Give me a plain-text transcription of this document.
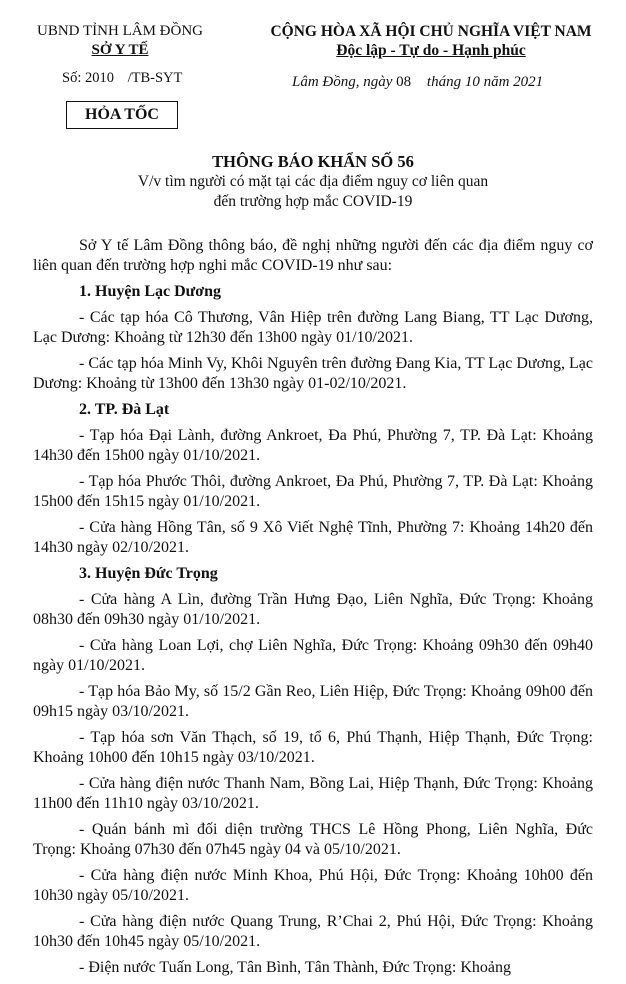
UBND TỈNH LÂM ĐỒNG
SỞ Y TẾ
CỘNG HÒA XÃ HỘI CHỦ NGHĨA VIỆT NAM
Độc lập - Tự do - Hạnh phúc
Số: 2010 /TB-SYT	Lâm Đồng, ngày 08 tháng 10 năm 2021
HỎA TỐC
THÔNG BÁO KHẨN SỐ 56
V/v tìm người có mặt tại các địa điểm nguy cơ liên quan
đến trường hợp mắc COVID-19

Sở Y tế Lâm Đồng thông báo, đề nghị những người đến các địa điểm nguy cơ liên quan đến trường hợp nghi mắc COVID-19 như sau:

1. Huyện Lạc Dương

- Các tạp hóa Cô Thương, Vân Hiệp trên đường Lang Biang, TT Lạc Dương, Lạc Dương: Khoảng từ 12h30 đến 13h00 ngày 01/10/2021.

- Các tạp hóa Minh Vy, Khôi Nguyên trên đường Đang Kia, TT Lạc Dương, Lạc Dương: Khoảng từ 13h00 đến 13h30 ngày 01-02/10/2021.

2. TP. Đà Lạt

- Tạp hóa Đại Lành, đường Ankroet, Đa Phú, Phường 7, TP. Đà Lạt: Khoảng 14h30 đến 15h00 ngày 01/10/2021.

- Tạp hóa Phước Thôi, đường Ankroet, Đa Phú, Phường 7, TP. Đà Lạt: Khoảng 15h00 đến 15h15 ngày 01/10/2021.

- Cửa hàng Hồng Tân, số 9 Xô Viết Nghệ Tĩnh, Phường 7: Khoảng 14h20 đến 14h30 ngày 02/10/2021.

3. Huyện Đức Trọng

- Cửa hàng A Lìn, đường Trần Hưng Đạo, Liên Nghĩa, Đức Trọng: Khoảng 08h30 đến 09h30 ngày 01/10/2021.

- Cửa hàng Loan Lợi, chợ Liên Nghĩa, Đức Trọng: Khoảng 09h30 đến 09h40 ngày 01/10/2021.

- Tạp hóa Bảo My, số 15/2 Gần Reo, Liên Hiệp, Đức Trọng: Khoảng 09h00 đến 09h15 ngày 03/10/2021.

- Tạp hóa sơn Văn Thạch, số 19, tổ 6, Phú Thạnh, Hiệp Thạnh, Đức Trọng: Khoảng 10h00 đến 10h15 ngày 03/10/2021.

- Cửa hàng điện nước Thanh Nam, Bồng Lai, Hiệp Thạnh, Đức Trọng: Khoảng 11h00 đến 11h10 ngày 03/10/2021.

- Quán bánh mì đối diện trường THCS Lê Hồng Phong, Liên Nghĩa, Đức Trọng: Khoảng 07h30 đến 07h45 ngày 04 và 05/10/2021.

- Cửa hàng điện nước Minh Khoa, Phú Hội, Đức Trọng: Khoảng 10h00 đến 10h30 ngày 05/10/2021.

- Cửa hàng điện nước Quang Trung, R’Chai 2, Phú Hội, Đức Trọng: Khoảng 10h30 đến 10h45 ngày 05/10/2021.

- Điện nước Tuấn Long, Tân Bình, Tân Thành, Đức Trọng: Khoảng
